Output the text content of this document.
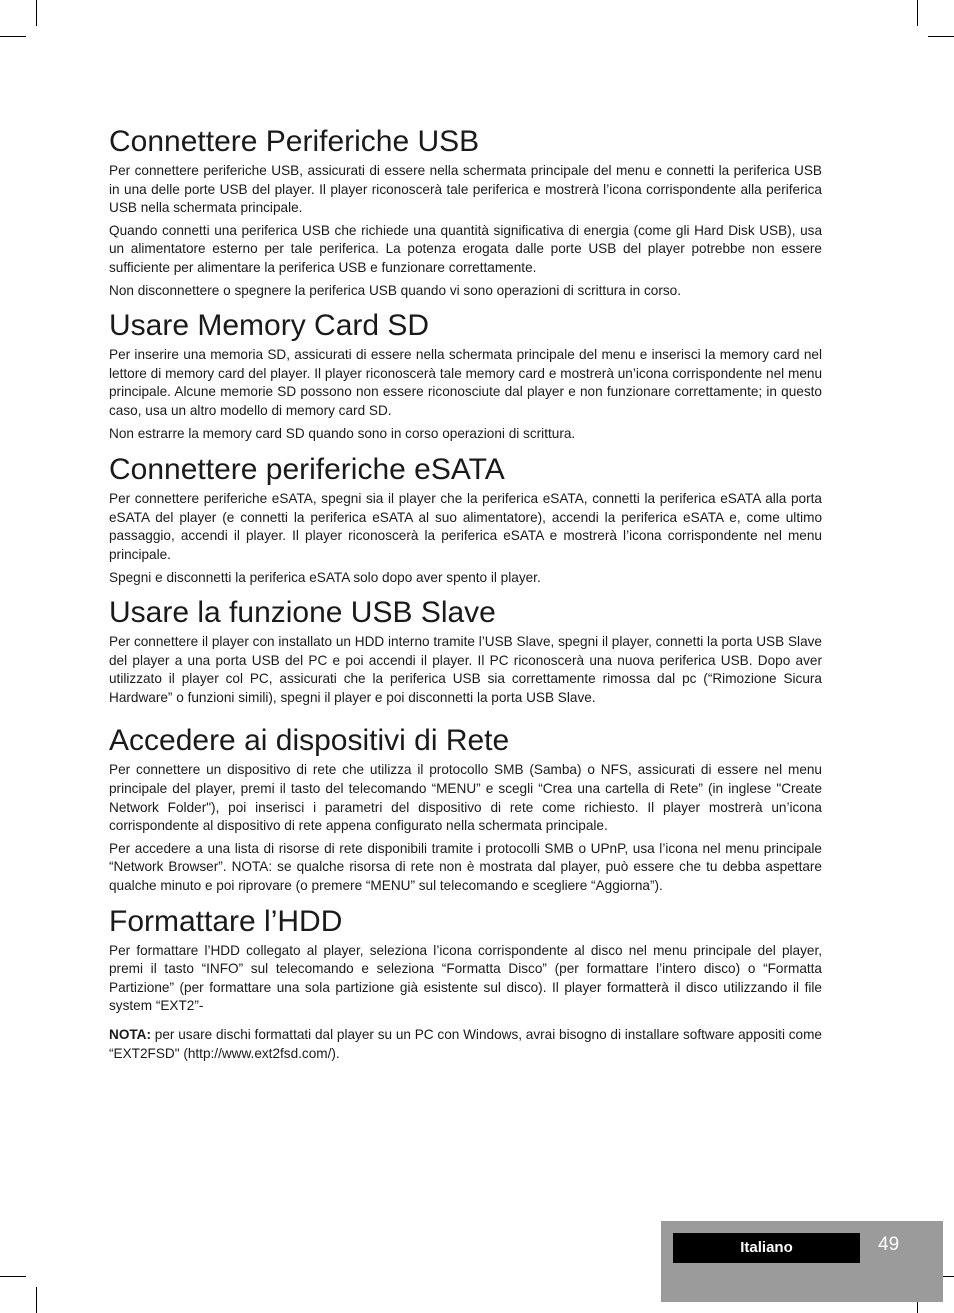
Connettere Periferiche USB

Per connettere periferiche USB, assicurati di essere nella schermata principale del menu e connetti la periferica USB in una delle porte USB del player. Il player riconoscerà tale periferica e mostrerà l’icona corrispondente alla periferica USB nella schermata principale.

Quando connetti una periferica USB che richiede una quantità significativa di energia (come gli Hard Disk USB), usa un alimentatore esterno per tale periferica. La potenza erogata dalle porte USB del player potrebbe non essere sufficiente per alimentare la periferica USB e funzionare correttamente.

Non disconnettere o spegnere la periferica USB quando vi sono operazioni di scrittura in corso.

Usare Memory Card SD

Per inserire una memoria SD, assicurati di essere nella schermata principale del menu e inserisci la memory card nel lettore di memory card del player. Il player riconoscerà tale memory card e mostrerà un’icona corrispondente nel menu principale. Alcune memorie SD possono non essere riconosciute dal player e non funzionare correttamente; in questo caso, usa un altro modello di memory card SD.

Non estrarre la memory card SD quando sono in corso operazioni di scrittura.

Connettere periferiche eSATA

Per connettere periferiche eSATA, spegni sia il player che la periferica eSATA, connetti la periferica eSATA alla porta eSATA del player (e connetti la periferica eSATA al suo alimentatore), accendi la periferica eSATA e, come ultimo passaggio, accendi il player. Il player riconoscerà la periferica eSATA e mostrerà l’icona corrispondente nel menu principale.

Spegni e disconnetti la periferica eSATA solo dopo aver spento il player.

Usare la funzione USB Slave

Per connettere il player con installato un HDD interno tramite l’USB Slave, spegni il player, connetti la porta USB Slave del player a una porta USB del PC e poi accendi il player. Il PC riconoscerà una nuova periferica USB. Dopo aver utilizzato il player col PC, assicurati che la periferica USB sia correttamente rimossa dal pc (“Rimozione Sicura Hardware” o funzioni simili), spegni il player e poi disconnetti la porta USB Slave.

Accedere ai dispositivi di Rete

Per connettere un dispositivo di rete che utilizza il protocollo SMB (Samba) o NFS, assicurati di essere nel menu principale del player, premi il tasto del telecomando “MENU” e scegli “Crea una cartella di Rete” (in inglese "Create Network Folder"), poi inserisci i parametri del dispositivo di rete come richiesto. Il player mostrerà un’icona corrispondente al dispositivo di rete appena configurato nella schermata principale.

Per accedere a una lista di risorse di rete disponibili tramite i protocolli SMB o UPnP, usa l’icona nel menu principale “Network Browser”. NOTA: se qualche risorsa di rete non è mostrata dal player, può essere che tu debba aspettare qualche minuto e poi riprovare (o premere “MENU” sul telecomando e scegliere “Aggiorna”).

Formattare l’HDD

Per formattare l’HDD collegato al player, seleziona l’icona corrispondente al disco nel menu principale del player, premi il tasto “INFO” sul telecomando e seleziona “Formatta Disco” (per formattare l’intero disco) o “Formatta Partizione” (per formattare una sola partizione già esistente sul disco). Il player formatterà il disco utilizzando il file system “EXT2”-

NOTA: per usare dischi formattati dal player su un PC con Windows, avrai bisogno di installare software appositi come “EXT2FSD" (http://www.ext2fsd.com/).

Italiano	49
